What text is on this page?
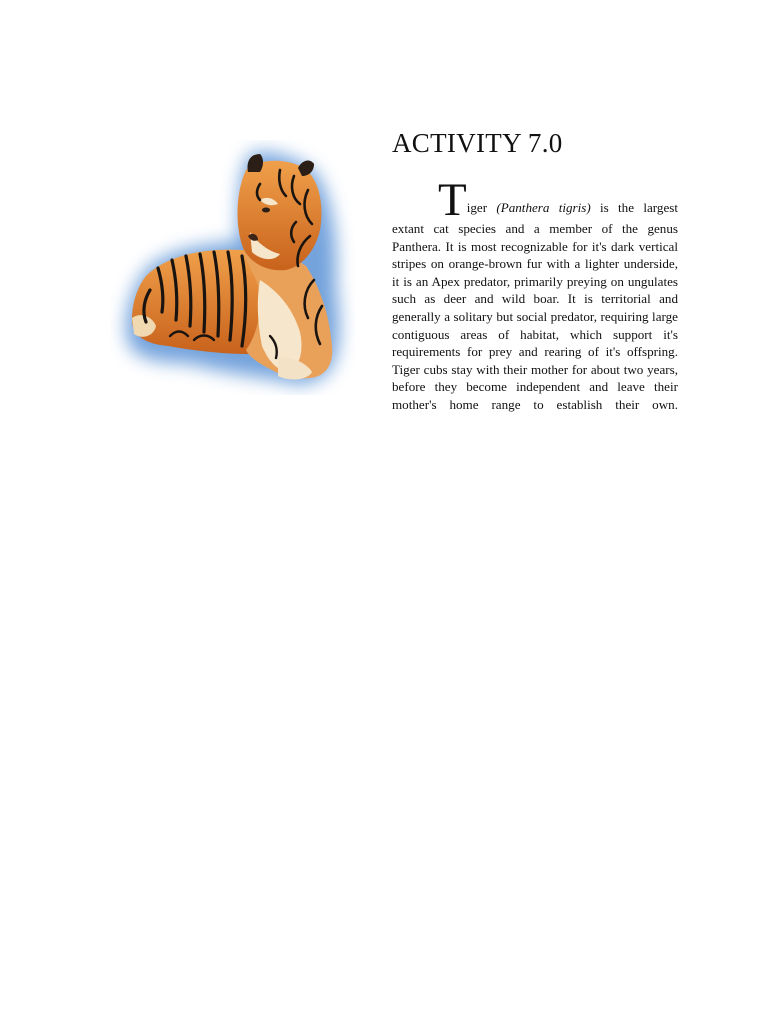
ACTIVITY 7.0

Tiger (Panthera tigris) is the largest extant cat species and a member of the genus Panthera. It is most recognizable for it's dark vertical stripes on orange-brown fur with a lighter underside, it is an Apex predator, primarily preying on ungulates such as deer and wild boar. It is territorial and generally a solitary but social predator, requiring large contiguous areas of habitat, which support it's requirements for prey and rearing of it's offspring. Tiger cubs stay with their mother for about two years, before they become independent and leave their mother's home range to establish their own.
